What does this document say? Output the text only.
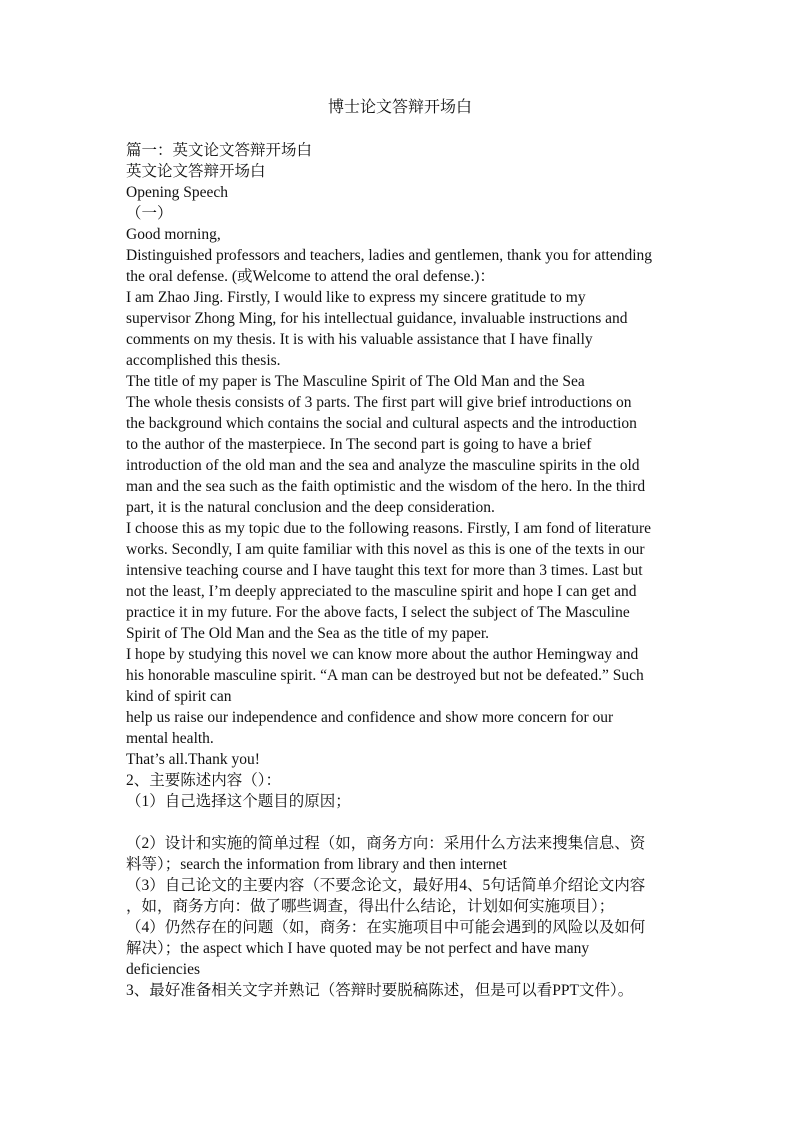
博士论文答辩开场白
篇一：英文论文答辩开场白
英文论文答辩开场白
Opening Speech
（一）
Good morning,
Distinguished professors and teachers, ladies and gentlemen, thank you for attending
the oral defense. (或Welcome to attend the oral defense.)：
I am Zhao Jing. Firstly, I would like to express my sincere gratitude to my
supervisor Zhong Ming, for his intellectual guidance, invaluable instructions and
comments on my thesis. It is with his valuable assistance that I have finally
accomplished this thesis.
The title of my paper is The Masculine Spirit of The Old Man and the Sea
The whole thesis consists of 3 parts. The first part will give brief introductions on
the background which contains the social and cultural aspects and the introduction
to the author of the masterpiece. In The second part is going to have a brief
introduction of the old man and the sea and analyze the masculine spirits in the old
man and the sea such as the faith optimistic and the wisdom of the hero. In the third
part, it is the natural conclusion and the deep consideration.
I choose this as my topic due to the following reasons. Firstly, I am fond of literature
works. Secondly, I am quite familiar with this novel as this is one of the texts in our
intensive teaching course and I have taught this text for more than 3 times. Last but
not the least, I’m deeply appreciated to the masculine spirit and hope I can get and
practice it in my future. For the above facts, I select the subject of The Masculine
Spirit of The Old Man and the Sea as the title of my paper.
I hope by studying this novel we can know more about the author Hemingway and
his honorable masculine spirit. “A man can be destroyed but not be defeated.” Such
kind of spirit can
help us raise our independence and confidence and show more concern for our
mental health.
That’s all.Thank you!
2、主要陈述内容（）：
（1）自己选择这个题目的原因；
（2）设计和实施的简单过程（如，商务方向：采用什么方法来搜集信息、资
料等）；search the information from library and then internet
（3）自己论文的主要内容（不要念论文，最好用4、5句话简单介绍论文内容
，如，商务方向：做了哪些调查，得出什么结论，计划如何实施项目）；
（4）仍然存在的问题（如，商务：在实施项目中可能会遇到的风险以及如何
解决）；the aspect which I have quoted may be not perfect and have many
deficiencies
3、最好准备相关文字并熟记（答辩时要脱稿陈述，但是可以看PPT文件）。
